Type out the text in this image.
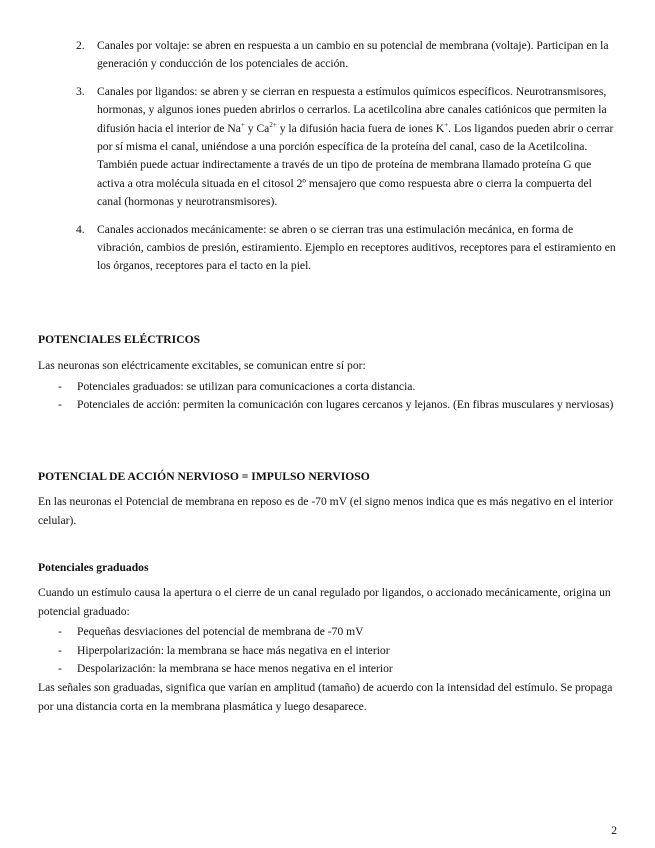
2. Canales por voltaje: se abren en respuesta a un cambio en su potencial de membrana (voltaje). Participan en la generación y conducción de los potenciales de acción.
3. Canales por ligandos: se abren y se cierran en respuesta a estímulos químicos específicos. Neurotransmisores, hormonas, y algunos iones pueden abrirlos o cerrarlos. La acetilcolina abre canales catiónicos que permiten la difusión hacia el interior de Na+ y $Ca^{2+}$ y la difusión hacia fuera de iones K+. Los ligandos pueden abrir o cerrar por sí misma el canal, uniéndose a una porción específica de la proteína del canal, caso de la Acetilcolina. También puede actuar indirectamente a través de un tipo de proteína de membrana llamado proteína G que activa a otra molécula situada en el citosol 2º mensajero que como respuesta abre o cierra la compuerta del canal (hormonas y neurotransmisores).
4. Canales accionados mecánicamente: se abren o se cierran tras una estimulación mecánica, en forma de vibración, cambios de presión, estiramiento. Ejemplo en receptores auditivos, receptores para el estiramiento en los órganos, receptores para el tacto en la piel.

POTENCIALES ELÉCTRICOS

Las neuronas son eléctricamente excitables, se comunican entre sí por:

- Potenciales graduados: se utilizan para comunicaciones a corta distancia.
- Potenciales de acción: permiten la comunicación con lugares cercanos y lejanos. (En fibras musculares y nerviosas)

POTENCIAL DE ACCIÓN NERVIOSO = IMPULSO NERVIOSO

En las neuronas el Potencial de membrana en reposo es de -70 mV (el signo menos indica que es más negativo en el interior celular).

Potenciales graduados

Cuando un estímulo causa la apertura o el cierre de un canal regulado por ligandos, o accionado mecánicamente, origina un potencial graduado:

- Pequeñas desviaciones del potencial de membrana de -70 mV
- Hiperpolarización: la membrana se hace más negativa en el interior
- Despolarización: la membrana se hace menos negativa en el interior

Las señales son graduadas, significa que varían en amplitud (tamaño) de acuerdo con la intensidad del estímulo. Se propaga por una distancia corta en la membrana plasmática y luego desaparece.

2
